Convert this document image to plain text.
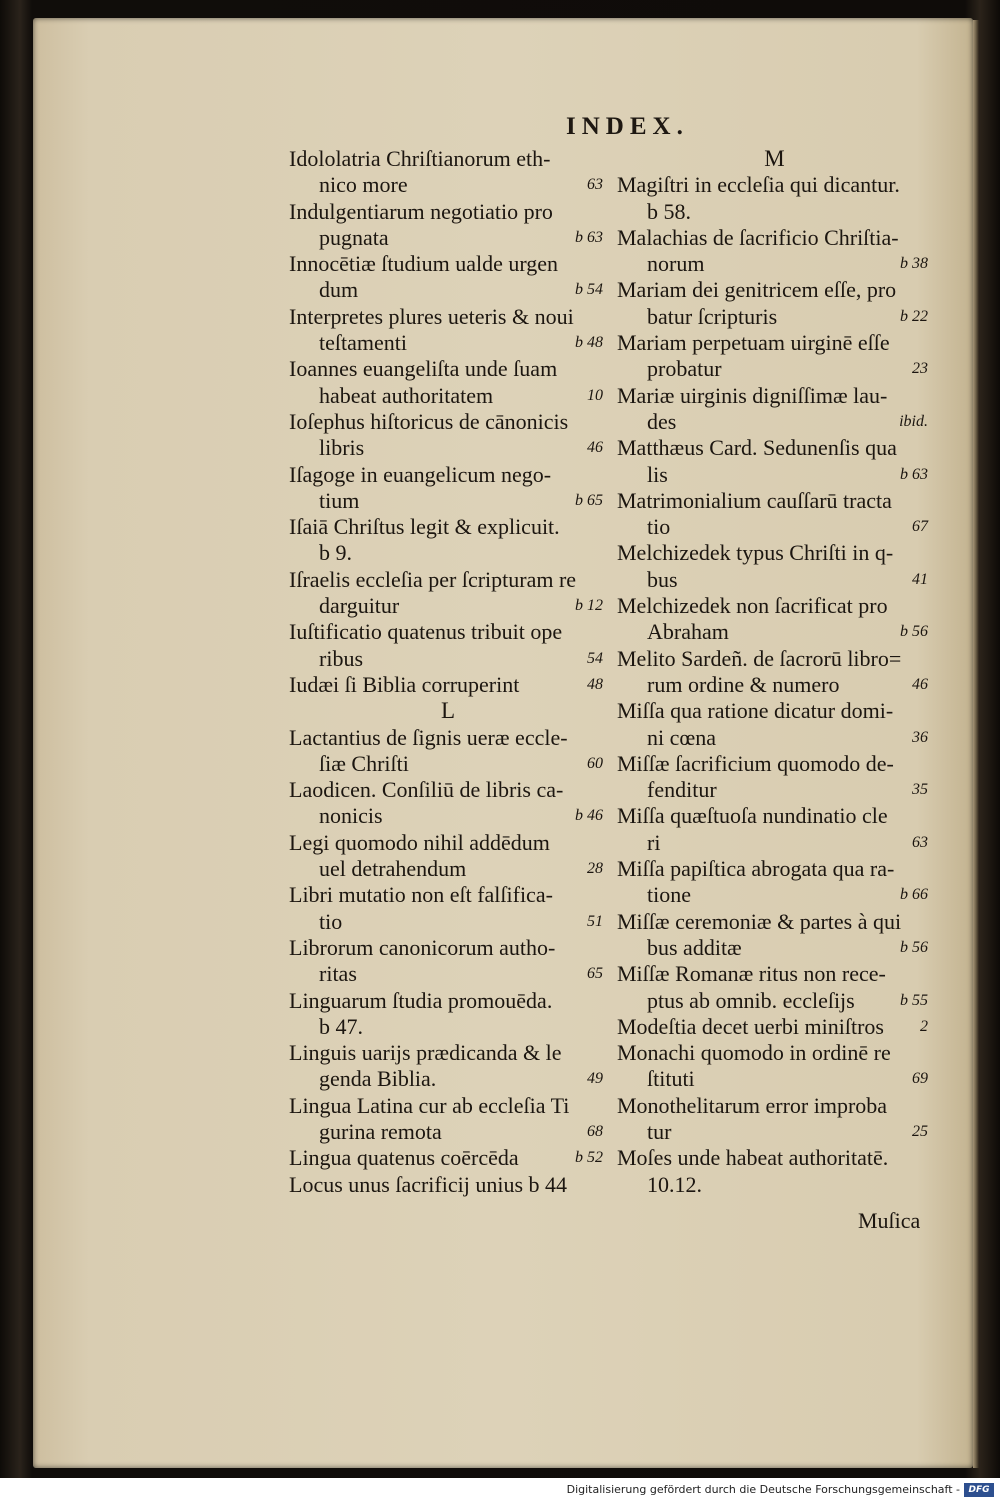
INDEX.
Idololatria Chriſtianorum eth-
nico more	63
Indulgentiarum negotiatio pro
pugnata	b 63
Innocētiæ ſtudium ualde urgen
dum	b 54
Interpretes plures ueteris & noui
teſtamenti	b 48
Ioannes euangeliſta unde ſuam
habeat authoritatem	10
Ioſephus hiſtoricus de cānonicis
libris	46
Iſagoge in euangelicum nego-
tium	b 65
Iſaiā Chriſtus legit & explicuit.
b 9.
Iſraelis eccleſia per ſcripturam re
darguitur	b 12
Iuſtificatio quatenus tribuit ope
ribus	54
Iudæi ſi Biblia corruperint	48
L
Lactantius de ſignis ueræ eccle-
ſiæ Chriſti	60
Laodicen. Conſiliū de libris ca-
nonicis	b 46
Legi quomodo nihil addēdum
uel detrahendum	28
Libri mutatio non eſt falſifica-
tio	51
Librorum canonicorum autho-
ritas	65
Linguarum ſtudia promouēda.
b 47.
Linguis uarijs prædicanda & le
genda Biblia.	49
Lingua Latina cur ab eccleſia Ti
gurina remota	68
Lingua quatenus coērcēda	b 52
Locus unus ſacrificij unius b 44
M
Magiſtri in eccleſia qui dicantur.
b 58.
Malachias de ſacrificio Chriſtia-
norum	b 38
Mariam dei genitricem eſſe, pro
batur ſcripturis	b 22
Mariam perpetuam uirginē eſſe
probatur	23
Mariæ uirginis digniſſimæ lau-
des	ibid.
Matthæus Card. Sedunenſis qua
lis	b 63
Matrimonialium cauſſarū tracta
tio	67
Melchizedek typus Chriſti in q-
bus	41
Melchizedek non ſacrificat pro
Abraham	b 56
Melito Sardeñ. de ſacrorū libro=
rum ordine & numero	46
Miſſa qua ratione dicatur domi-
ni cœna	36
Miſſæ ſacrificium quomodo de-
fenditur	35
Miſſa quæſtuoſa nundinatio cle
ri	63
Miſſa papiſtica abrogata qua ra-
tione	b 66
Miſſæ ceremoniæ & partes à qui
bus additæ	b 56
Miſſæ Romanæ ritus non rece-
ptus ab omnib. eccleſijs	b 55
Modeſtia decet uerbi miniſtros 2
Monachi quomodo in ordinē re
ſtituti	69
Monothelitarum error improba
tur	25
Moſes unde habeat authoritatē.
10.12.
Muſica
Digitalisierung gefördert durch die Deutsche Forschungsgemeinschaft - DFG
